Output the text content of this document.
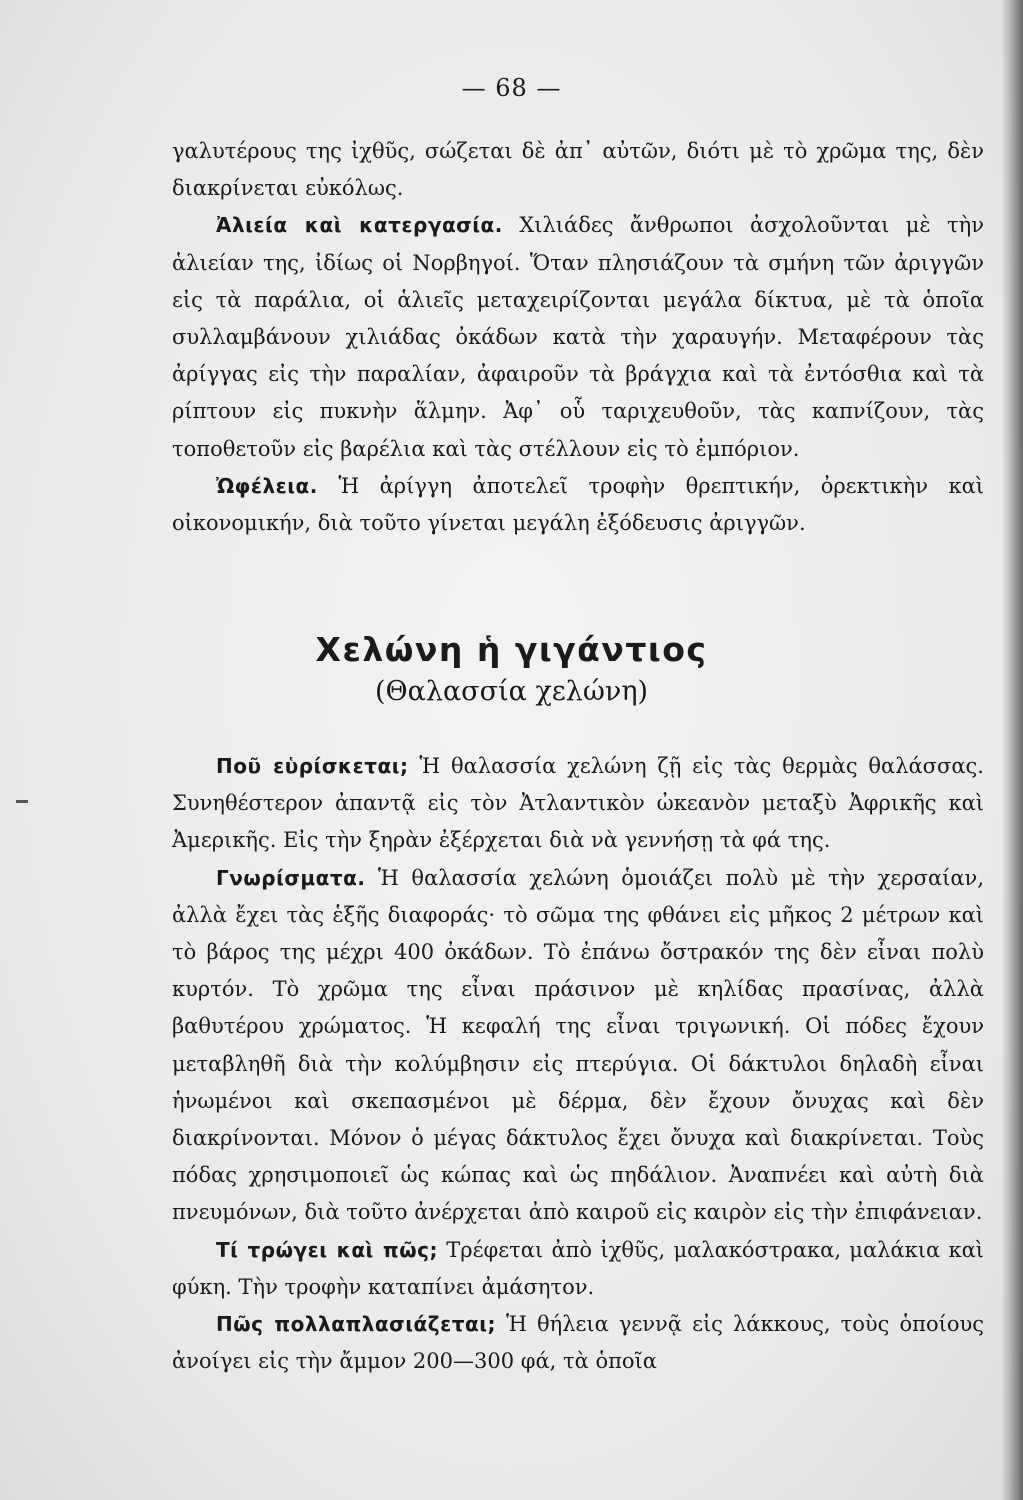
— 68 —

γαλυτέρους της ἰχθῦς, σώζεται δὲ ἀπ᾽ αὐτῶν, διότι μὲ τὸ χρῶμα της, δὲν διακρίνεται εὐκόλως.

Ἀλιεία καὶ κατεργασία. Χιλιάδες ἄνθρωποι ἀσχολοῦνται μὲ τὴν ἁλιείαν της, ἰδίως οἱ Νορβηγοί. Ὅταν πλησιάζουν τὰ σμήνη τῶν ἀριγγῶν εἰς τὰ παράλια, οἱ ἁλιεῖς μεταχειρίζονται μεγάλα δίκτυα, μὲ τὰ ὁποῖα συλλαμβάνουν χιλιάδας ὀκάδων κατὰ τὴν χαραυγήν. Μεταφέρουν τὰς ἀρίγγας εἰς τὴν παραλίαν, ἀφαιροῦν τὰ βράγχια καὶ τὰ ἐντόσθια καὶ τὰ ρίπτουν εἰς πυκνὴν ἅλμην. Ἀφ᾽ οὗ ταριχευθοῦν, τὰς καπνίζουν, τὰς τοποθετοῦν εἰς βαρέλια καὶ τὰς στέλλουν εἰς τὸ ἐμπόριον.

Ὠφέλεια. Ἡ ἀρίγγη ἀποτελεῖ τροφὴν θρεπτικήν, ὀρεκτικὴν καὶ οἰκονομικήν, διὰ τοῦτο γίνεται μεγάλη ἐξόδευσις ἀριγγῶν.

Χελώνη ἡ γιγάντιος
(Θαλασσία χελώνη)

Ποῦ εὑρίσκεται; Ἡ θαλασσία χελώνη ζῇ εἰς τὰς θερμὰς θαλάσσας. Συνηθέστερον ἀπαντᾷ εἰς τὸν Ἀτλαντικὸν ὠκεανὸν μεταξὺ Ἀφρικῆς καὶ Ἀμερικῆς. Εἰς τὴν ξηρὰν ἐξέρχεται διὰ νὰ γεννήσῃ τὰ φά της.

Γνωρίσματα. Ἡ θαλασσία χελώνη ὁμοιάζει πολὺ μὲ τὴν χερσαίαν, ἀλλὰ ἔχει τὰς ἑξῆς διαφοράς· τὸ σῶμα της φθάνει εἰς μῆκος 2 μέτρων καὶ τὸ βάρος της μέχρι 400 ὀκάδων. Τὸ ἐπάνω ὄστρακόν της δὲν εἶναι πολὺ κυρτόν. Τὸ χρῶμα της εἶναι πράσινον μὲ κηλίδας πρασίνας, ἀλλὰ βαθυτέρου χρώματος. Ἡ κεφαλή της εἶναι τριγωνική. Οἱ πόδες ἔχουν μεταβληθῆ διὰ τὴν κολύμβησιν εἰς πτερύγια. Οἱ δάκτυλοι δηλαδὴ εἶναι ἡνωμένοι καὶ σκεπασμένοι μὲ δέρμα, δὲν ἔχουν ὄνυχας καὶ δὲν διακρίνονται. Μόνον ὁ μέγας δάκτυλος ἔχει ὄνυχα καὶ διακρίνεται. Τοὺς πόδας χρησιμοποιεῖ ὡς κώπας καὶ ὡς πηδάλιον. Ἀναπνέει καὶ αὐτὴ διὰ πνευμόνων, διὰ τοῦτο ἀνέρχεται ἀπὸ καιροῦ εἰς καιρὸν εἰς τὴν ἐπιφάνειαν.

Τί τρώγει καὶ πῶς; Τρέφεται ἀπὸ ἰχθῦς, μαλακόστρακα, μαλάκια καὶ φύκη. Τὴν τροφὴν καταπίνει ἀμάσητον.

Πῶς πολλαπλασιάζεται; Ἡ θήλεια γεννᾷ εἰς λάκκους, τοὺς ὁποίους ἀνοίγει εἰς τὴν ἄμμον 200—300 φά, τὰ ὁποῖα
